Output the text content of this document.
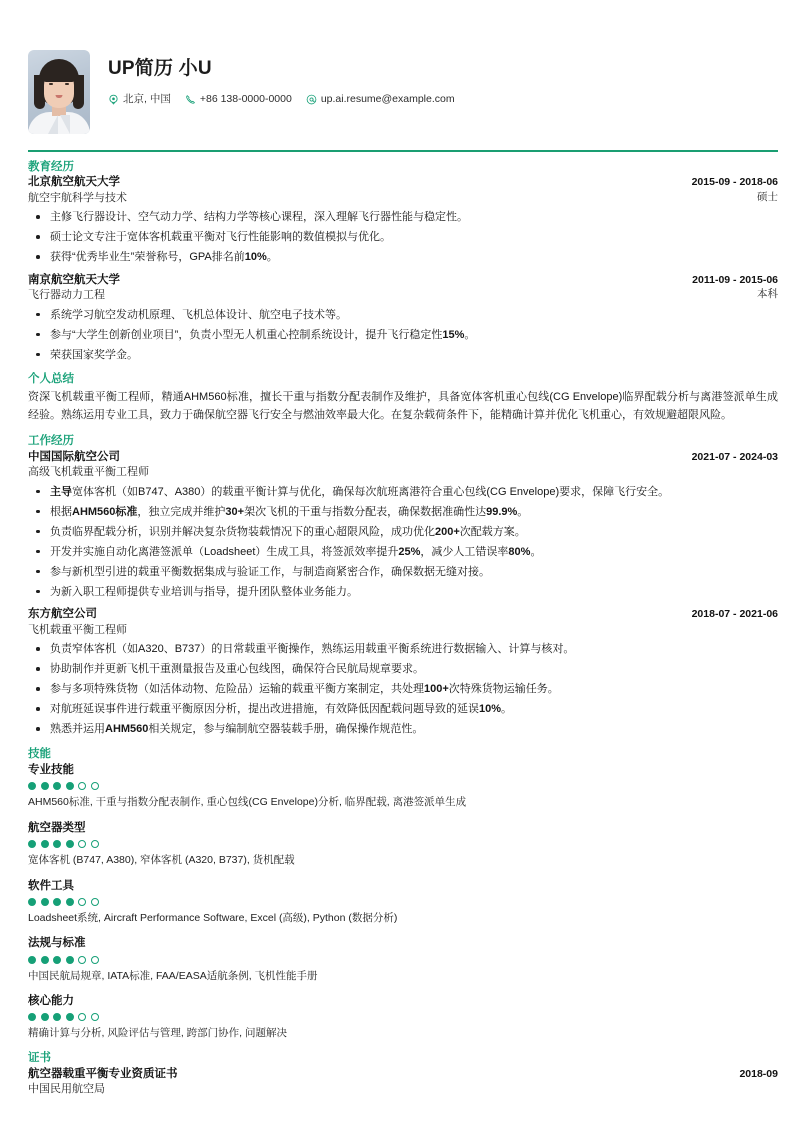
UP简历 小U
北京, 中国	+86 138-0000-0000	up.ai.resume@example.com
教育经历
北京航空航天大学
航空宇航科学与技术
2015-09 - 2018-06
硕士
主修飞行器设计、空气动力学、结构力学等核心课程，深入理解飞行器性能与稳定性。
硕士论文专注于宽体客机载重平衡对飞行性能影响的数值模拟与优化。
获得“优秀毕业生”荣誉称号，GPA排名前10%。
南京航空航天大学
飞行器动力工程
2011-09 - 2015-06
本科
系统学习航空发动机原理、飞机总体设计、航空电子技术等。
参与“大学生创新创业项目”，负责小型无人机重心控制系统设计，提升飞行稳定性15%。
荣获国家奖学金。
个人总结
资深飞机载重平衡工程师，精通AHM560标准，擅长干重与指数分配表制作及维护，具备宽体客机重心包线(CG Envelope)临界配载分析与离港签派单生成经验。熟练运用专业工具，致力于确保航空器飞行安全与燃油效率最大化。在复杂载荷条件下，能精确计算并优化飞机重心，有效规避超限风险。
工作经历
中国国际航空公司
高级飞机载重平衡工程师
2021-07 - 2024-03
主导宽体客机（如B747、A380）的载重平衡计算与优化，确保每次航班离港符合重心包线(CG Envelope)要求，保障飞行安全。
根据AHM560标准，独立完成并维护30+架次飞机的干重与指数分配表，确保数据准确性达99.9%。
负责临界配载分析，识别并解决复杂货物装载情况下的重心超限风险，成功优化200+次配载方案。
开发并实施自动化离港签派单（Loadsheet）生成工具，将签派效率提升25%，减少人工错误率80%。
参与新机型引进的载重平衡数据集成与验证工作，与制造商紧密合作，确保数据无缝对接。
为新入职工程师提供专业培训与指导，提升团队整体业务能力。
东方航空公司
飞机载重平衡工程师
2018-07 - 2021-06
负责窄体客机（如A320、B737）的日常载重平衡操作，熟练运用载重平衡系统进行数据输入、计算与核对。
协助制作并更新飞机干重测量报告及重心包线图，确保符合民航局规章要求。
参与多项特殊货物（如活体动物、危险品）运输的载重平衡方案制定，共处理100+次特殊货物运输任务。
对航班延误事件进行载重平衡原因分析，提出改进措施，有效降低因配载问题导致的延误10%。
熟悉并运用AHM560相关规定，参与编制航空器装载手册，确保操作规范性。
技能
专业技能
AHM560标准, 干重与指数分配表制作, 重心包线(CG Envelope)分析, 临界配载, 离港签派单生成
航空器类型
宽体客机 (B747, A380), 窄体客机 (A320, B737), 货机配载
软件工具
Loadsheet系统, Aircraft Performance Software, Excel (高级), Python (数据分析)
法规与标准
中国民航局规章, IATA标准, FAA/EASA适航条例, 飞机性能手册
核心能力
精确计算与分析, 风险评估与管理, 跨部门协作, 问题解决
证书
航空器载重平衡专业资质证书
中国民用航空局
2018-09
